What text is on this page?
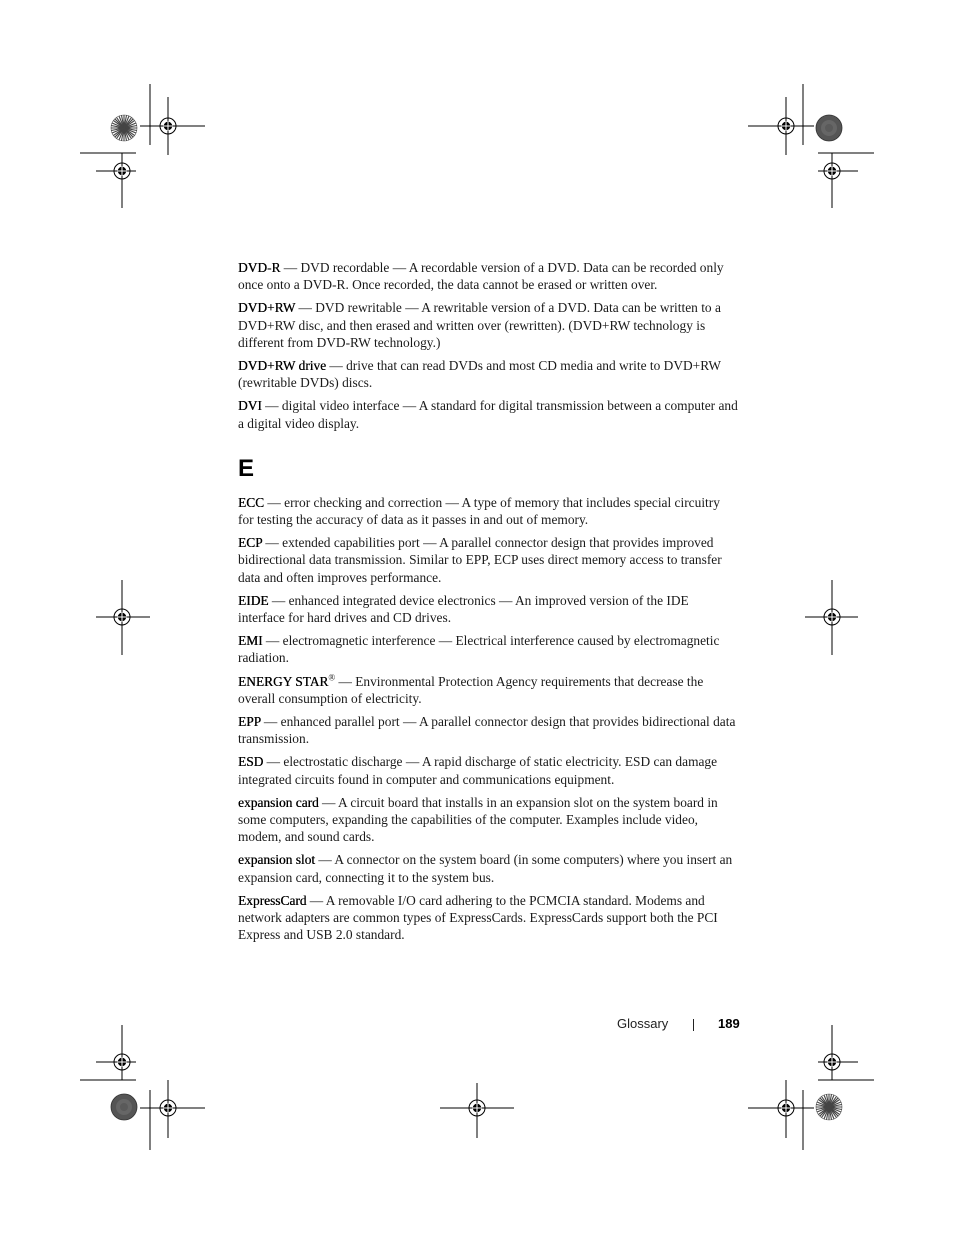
DVD-R — DVD recordable — A recordable version of a DVD. Data can be recorded only once onto a DVD-R. Once recorded, the data cannot be erased or written over.

DVD+RW — DVD rewritable — A rewritable version of a DVD. Data can be written to a DVD+RW disc, and then erased and written over (rewritten). (DVD+RW technology is different from DVD-RW technology.)

DVD+RW drive — drive that can read DVDs and most CD media and write to DVD+RW (rewritable DVDs) discs.

DVI — digital video interface — A standard for digital transmission between a computer and a digital video display.

E

ECC — error checking and correction — A type of memory that includes special circuitry for testing the accuracy of data as it passes in and out of memory.

ECP — extended capabilities port — A parallel connector design that provides improved bidirectional data transmission. Similar to EPP, ECP uses direct memory access to transfer data and often improves performance.

EIDE — enhanced integrated device electronics — An improved version of the IDE interface for hard drives and CD drives.

EMI — electromagnetic interference — Electrical interference caused by electromagnetic radiation.

ENERGY STAR® — Environmental Protection Agency requirements that decrease the overall consumption of electricity.

EPP — enhanced parallel port — A parallel connector design that provides bidirectional data transmission.

ESD — electrostatic discharge — A rapid discharge of static electricity. ESD can damage integrated circuits found in computer and communications equipment.

expansion card — A circuit board that installs in an expansion slot on the system board in some computers, expanding the capabilities of the computer. Examples include video, modem, and sound cards.

expansion slot — A connector on the system board (in some computers) where you insert an expansion card, connecting it to the system bus.

ExpressCard — A removable I/O card adhering to the PCMCIA standard. Modems and network adapters are common types of ExpressCards. ExpressCards support both the PCI Express and USB 2.0 standard.

Glossary	189
